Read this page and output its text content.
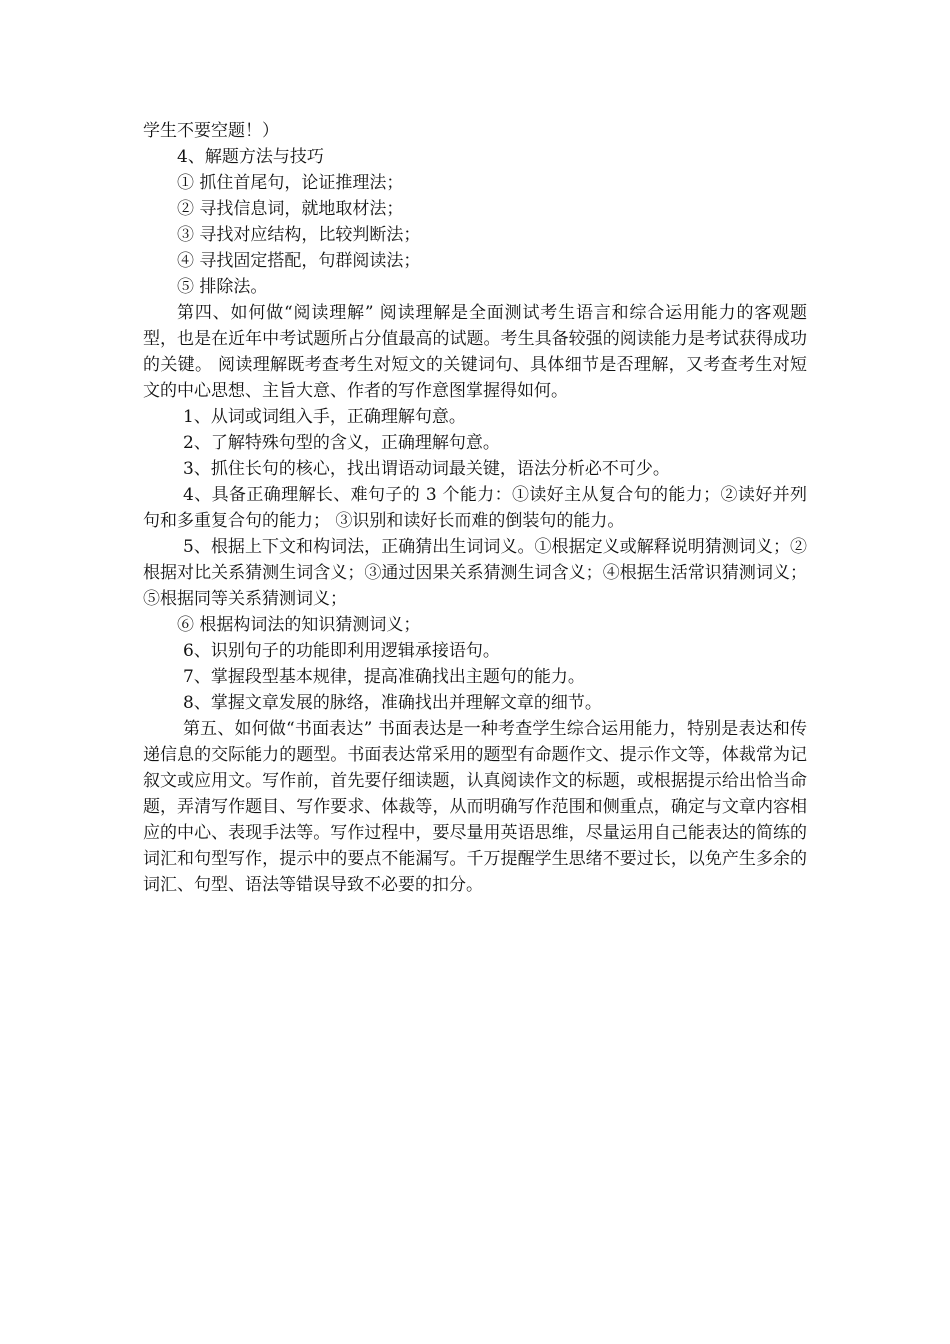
学生不要空题！）

4、解题方法与技巧

① 抓住首尾句，论证推理法；

② 寻找信息词，就地取材法；

③ 寻找对应结构，比较判断法；

④ 寻找固定搭配，句群阅读法；

⑤ 排除法。

第四、如何做“阅读理解” 阅读理解是全面测试考生语言和综合运用能力的客观题型，也是在近年中考试题所占分值最高的试题。考生具备较强的阅读能力是考试获得成功的关键。 阅读理解既考查考生对短文的关键词句、具体细节是否理解，又考查考生对短文的中心思想、主旨大意、作者的写作意图掌握得如何。

1、从词或词组入手，正确理解句意。

2、了解特殊句型的含义，正确理解句意。

3、抓住长句的核心，找出谓语动词最关键，语法分析必不可少。

4、具备正确理解长、难句子的 3 个能力：①读好主从复合句的能力；②读好并列句和多重复合句的能力； ③识别和读好长而难的倒装句的能力。

5、根据上下文和构词法，正确猜出生词词义。①根据定义或解释说明猜测词义；②根据对比关系猜测生词含义；③通过因果关系猜测生词含义；④根据生活常识猜测词义； ⑤根据同等关系猜测词义；

⑥ 根据构词法的知识猜测词义；

6、识别句子的功能即利用逻辑承接语句。

7、掌握段型基本规律，提高准确找出主题句的能力。

8、掌握文章发展的脉络，准确找出并理解文章的细节。

第五、如何做“书面表达” 书面表达是一种考查学生综合运用能力，特别是表达和传递信息的交际能力的题型。书面表达常采用的题型有命题作文、提示作文等，体裁常为记叙文或应用文。写作前，首先要仔细读题，认真阅读作文的标题，或根据提示给出恰当命题，弄清写作题目、写作要求、体裁等，从而明确写作范围和侧重点，确定与文章内容相应的中心、表现手法等。写作过程中，要尽量用英语思维，尽量运用自己能表达的简练的词汇和句型写作，提示中的要点不能漏写。千万提醒学生思绪不要过长，以免产生多余的词汇、句型、语法等错误导致不必要的扣分。
